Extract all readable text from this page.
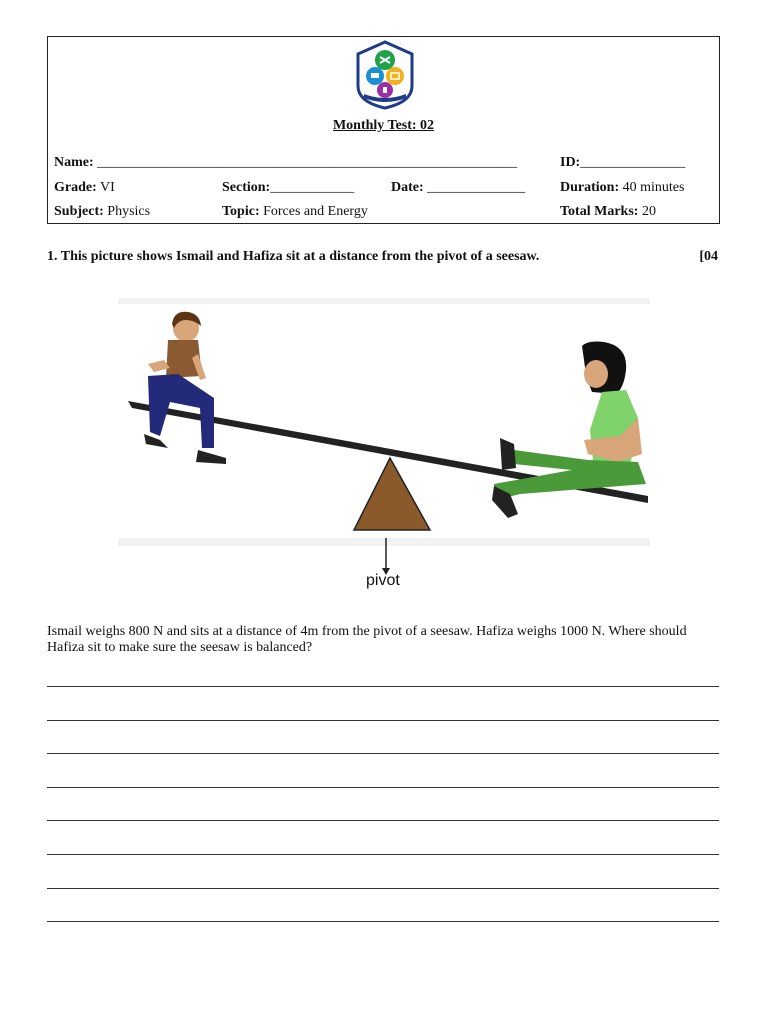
Monthly Test: 02
Name: ____________________________________________________________	ID:_______________
Grade: VI	Section:____________	Date: ______________ Duration: 40 minutes
Subject: Physics	Topic: Forces and Energy	Total Marks: 20
1. This picture shows Ismail and Hafiza sit at a distance from the pivot of a seesaw.	[04
pivot
Ismail weighs 800 N and sits at a distance of 4m from the pivot of a seesaw. Hafiza weighs 1000 N. Where should Hafiza sit to make sure the seesaw is balanced?
